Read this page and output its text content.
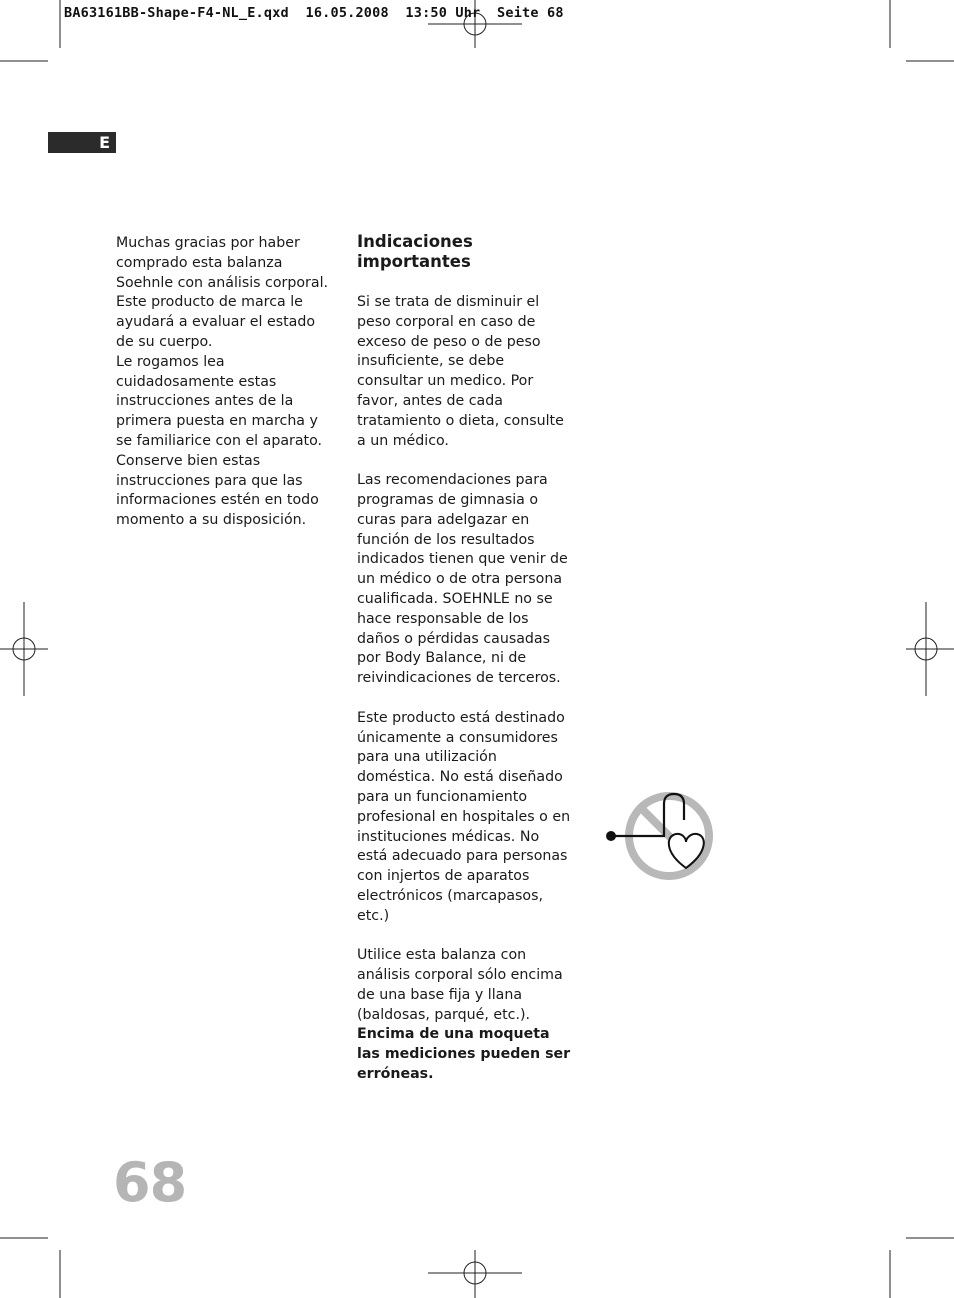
BA63161BB-Shape-F4-NL_E.qxd  16.05.2008  13:50 Uhr  Seite 68
E

Muchas gracias por haber comprado esta balanza Soehnle con análisis corporal.

Este producto de marca le ayudará a evaluar el estado de su cuerpo.

Le rogamos lea cuidadosamente estas instrucciones antes de la primera puesta en marcha y se familiarice con el aparato.

Conserve bien estas instrucciones para que las informaciones estén en todo momento a su disposición.

Indicaciones importantes

Si se trata de disminuir el peso corporal en caso de exceso de peso o de peso insuficiente, se debe consultar un medico. Por favor, antes de cada tratamiento o dieta, consulte a un médico.

Las recomendaciones para programas de gimnasia o curas para adelgazar en función de los resultados indicados tienen que venir de un médico o de otra persona cualificada. SOEHNLE no se hace responsable de los daños o pérdidas causadas por Body Balance, ni de reivindicaciones de terceros.

Este producto está destinado únicamente a consumidores para una utilización doméstica. No está diseñado para un funcionamiento profesional en hospitales o en instituciones médicas. No está adecuado para personas con injertos de aparatos electrónicos (marcapasos, etc.)

Utilice esta balanza con análisis corporal sólo encima de una base fija y llana (baldosas, parqué, etc.).

Encima de una moqueta las mediciones pueden ser erróneas.

68
